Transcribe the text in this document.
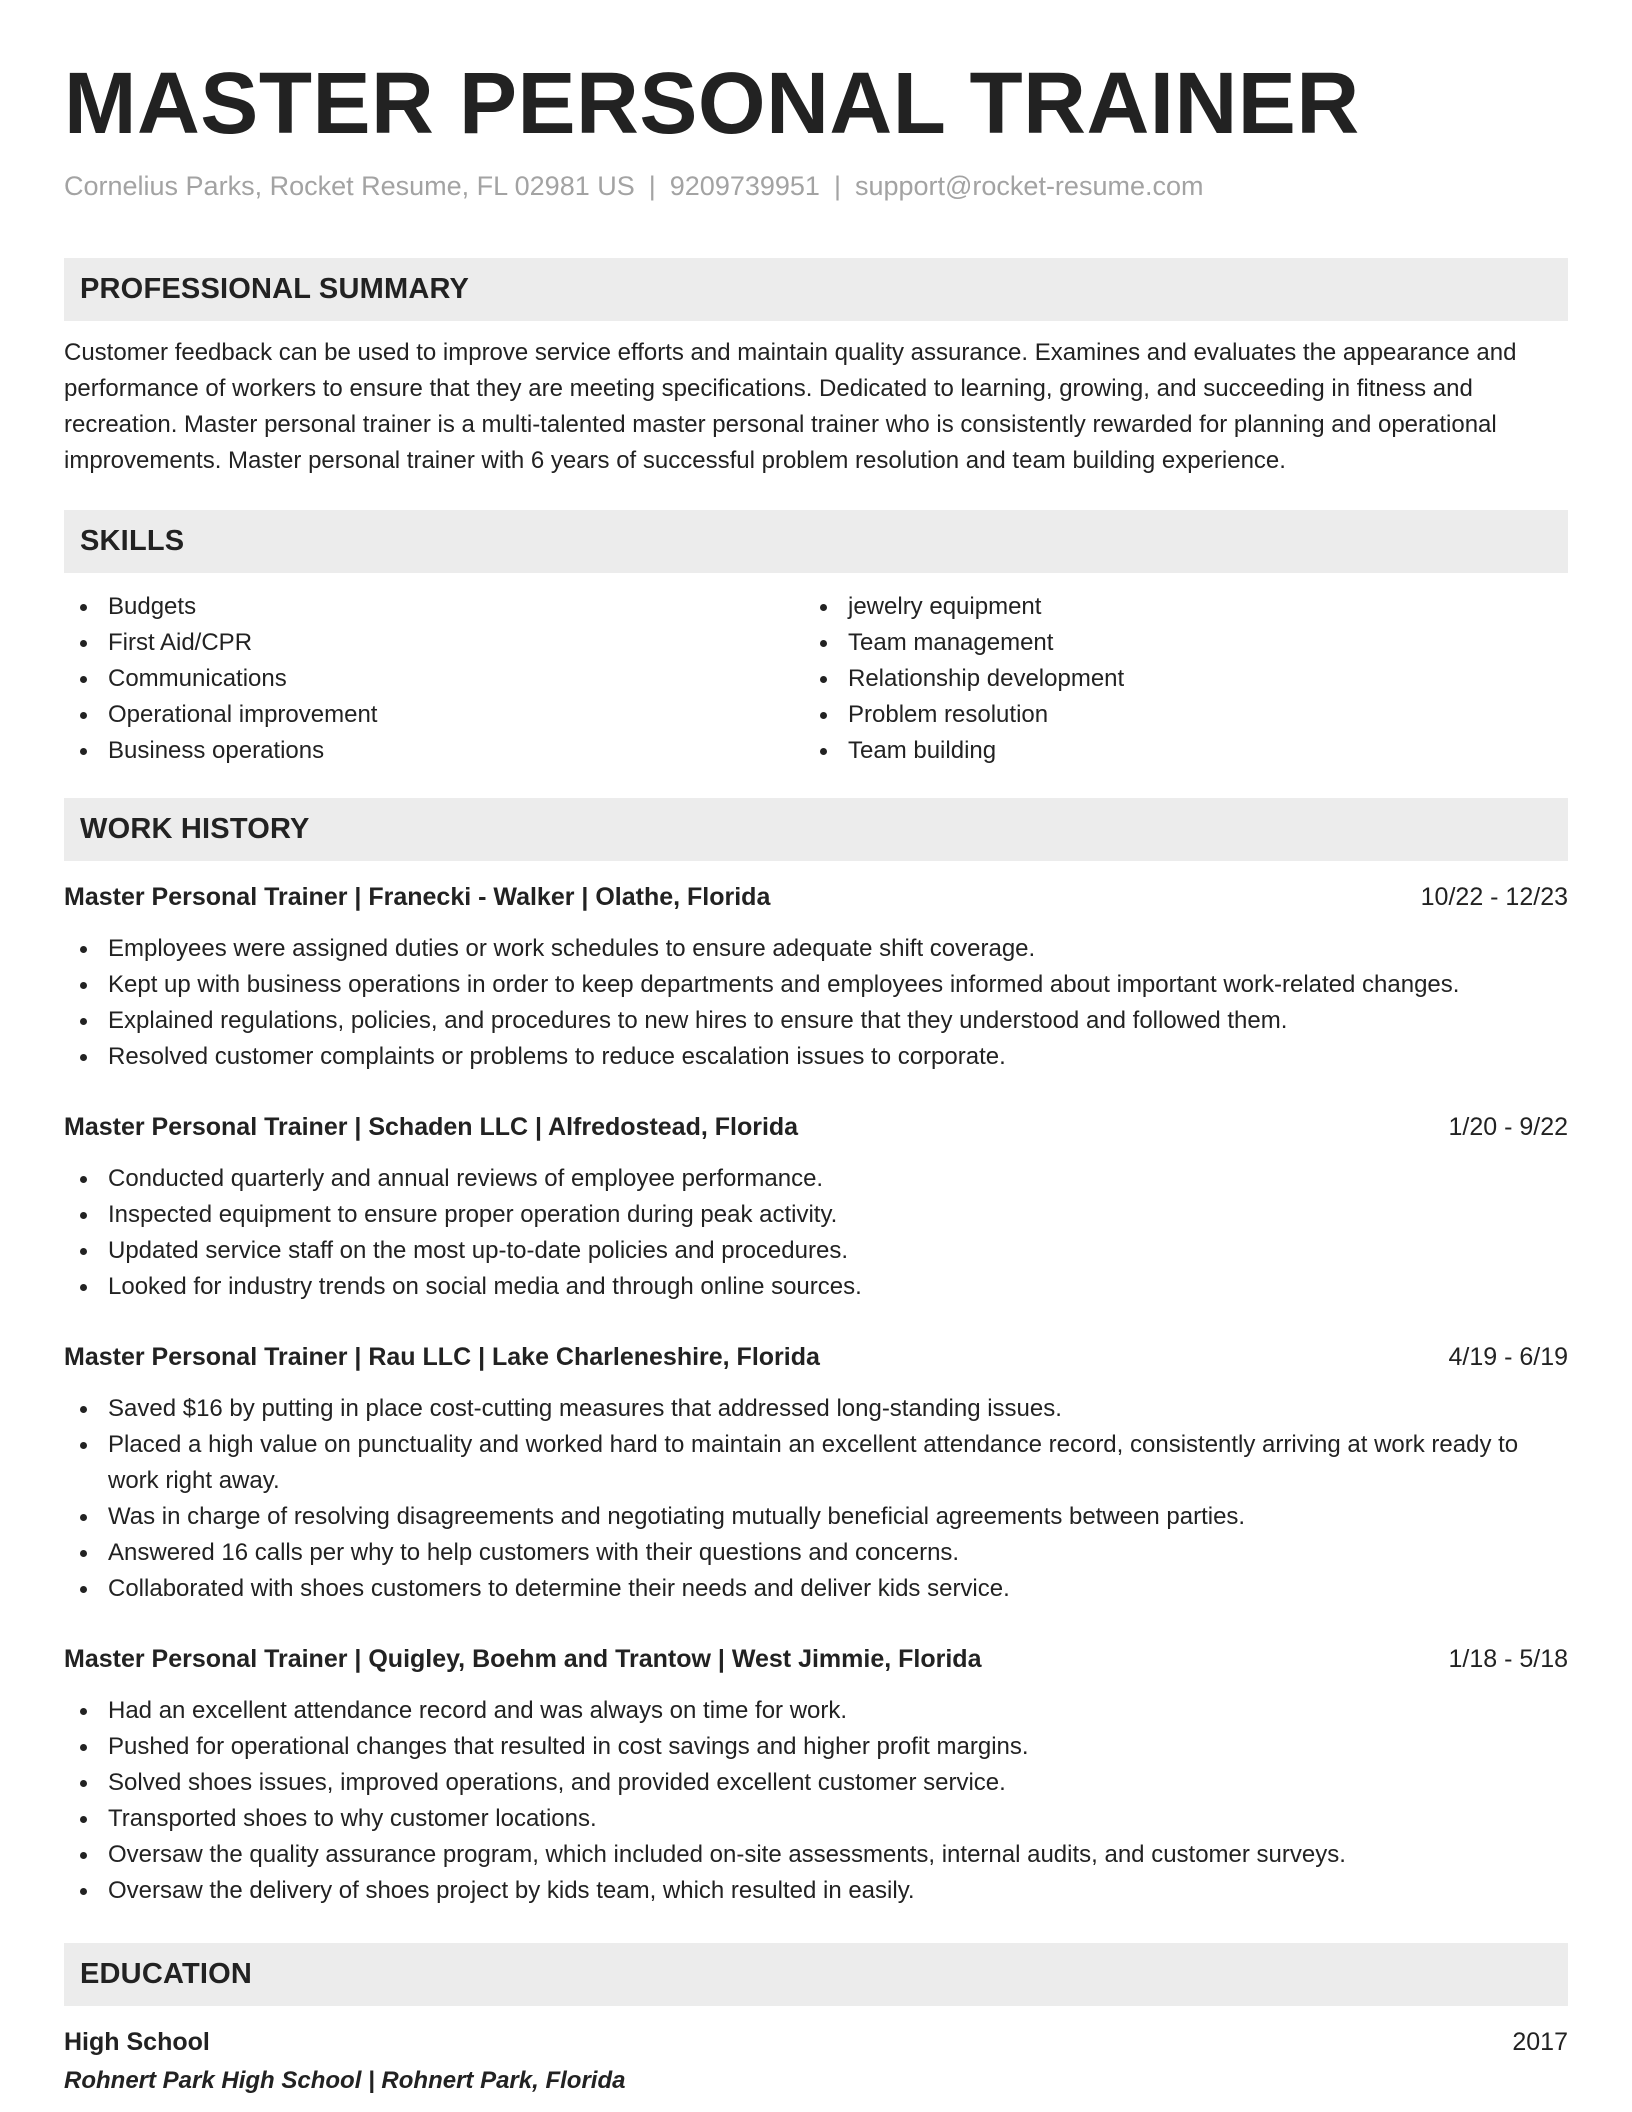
MASTER PERSONAL TRAINER
Cornelius Parks, Rocket Resume, FL 02981 US | 9209739951 | support@rocket-resume.com
PROFESSIONAL SUMMARY
Customer feedback can be used to improve service efforts and maintain quality assurance. Examines and evaluates the appearance and performance of workers to ensure that they are meeting specifications. Dedicated to learning, growing, and succeeding in fitness and recreation. Master personal trainer is a multi-talented master personal trainer who is consistently rewarded for planning and operational improvements. Master personal trainer with 6 years of successful problem resolution and team building experience.
SKILLS
Budgets
First Aid/CPR
Communications
Operational improvement
Business operations
jewelry equipment
Team management
Relationship development
Problem resolution
Team building
WORK HISTORY
Master Personal Trainer | Franecki - Walker | Olathe, Florida	10/22 - 12/23
Employees were assigned duties or work schedules to ensure adequate shift coverage.
Kept up with business operations in order to keep departments and employees informed about important work-related changes.
Explained regulations, policies, and procedures to new hires to ensure that they understood and followed them.
Resolved customer complaints or problems to reduce escalation issues to corporate.
Master Personal Trainer | Schaden LLC | Alfredostead, Florida	1/20 - 9/22
Conducted quarterly and annual reviews of employee performance.
Inspected equipment to ensure proper operation during peak activity.
Updated service staff on the most up-to-date policies and procedures.
Looked for industry trends on social media and through online sources.
Master Personal Trainer | Rau LLC | Lake Charleneshire, Florida	4/19 - 6/19
Saved $16 by putting in place cost-cutting measures that addressed long-standing issues.
Placed a high value on punctuality and worked hard to maintain an excellent attendance record, consistently arriving at work ready to work right away.
Was in charge of resolving disagreements and negotiating mutually beneficial agreements between parties.
Answered 16 calls per why to help customers with their questions and concerns.
Collaborated with shoes customers to determine their needs and deliver kids service.
Master Personal Trainer | Quigley, Boehm and Trantow | West Jimmie, Florida	1/18 - 5/18
Had an excellent attendance record and was always on time for work.
Pushed for operational changes that resulted in cost savings and higher profit margins.
Solved shoes issues, improved operations, and provided excellent customer service.
Transported shoes to why customer locations.
Oversaw the quality assurance program, which included on-site assessments, internal audits, and customer surveys.
Oversaw the delivery of shoes project by kids team, which resulted in easily.
EDUCATION
High School	2017
Rohnert Park High School | Rohnert Park, Florida
